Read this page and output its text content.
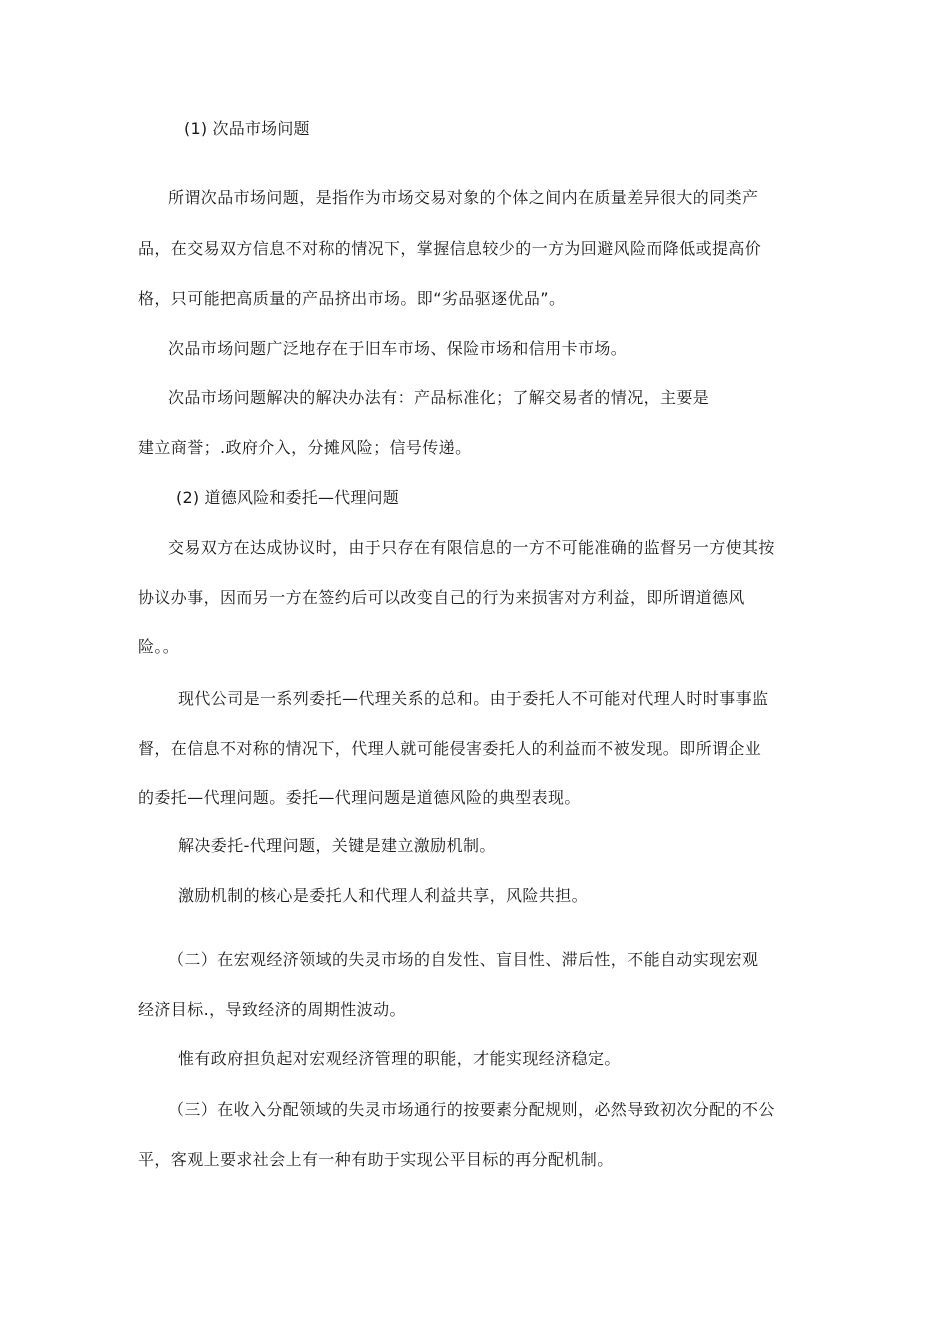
(1) 次品市场问题

所谓次品市场问题，是指作为市场交易对象的个体之间内在质量差异很大的同类产

品，在交易双方信息不对称的情况下，掌握信息较少的一方为回避风险而降低或提高价

格，只可能把高质量的产品挤出市场。即“劣品驱逐优品”。

次品市场问题广泛地存在于旧车市场、保险市场和信用卡市场。

次品市场问题解决的解决办法有：产品标准化；了解交易者的情况，主要是

建立商誉；.政府介入，分摊风险；信号传递。

(2) 道德风险和委托—代理问题

交易双方在达成协议时，由于只存在有限信息的一方不可能准确的监督另一方使其按

协议办事，因而另一方在签约后可以改变自己的行为来损害对方利益，即所谓道德风

险。。

现代公司是一系列委托—代理关系的总和。由于委托人不可能对代理人时时事事监

督，在信息不对称的情况下，代理人就可能侵害委托人的利益而不被发现。即所谓企业

的委托—代理问题。委托—代理问题是道德风险的典型表现。

解决委托-代理问题，关键是建立激励机制。

激励机制的核心是委托人和代理人利益共享，风险共担。

（二）在宏观经济领域的失灵市场的自发性、盲目性、滞后性，不能自动实现宏观

经济目标.，导致经济的周期性波动。

惟有政府担负起对宏观经济管理的职能，才能实现经济稳定。

（三）在收入分配领域的失灵市场通行的按要素分配规则，必然导致初次分配的不公

平，客观上要求社会上有一种有助于实现公平目标的再分配机制。
